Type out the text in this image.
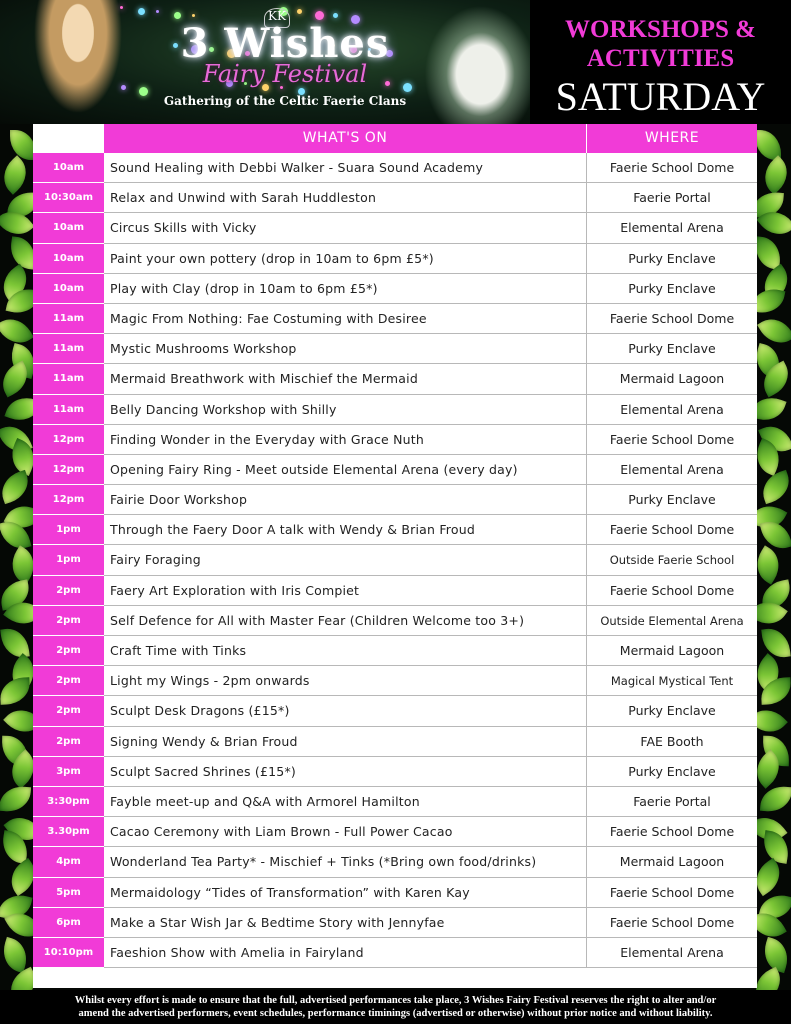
KK
3 Wishes
Fairy Festival
Gathering of the Celtic Faerie Clans
WORKSHOPS &
ACTIVITIES
SATURDAY
WHAT'S ON	WHERE
10am	Sound Healing with Debbi Walker - Suara Sound Academy	Faerie School Dome
10:30am	Relax and Unwind with Sarah Huddleston	Faerie Portal
10am	Circus Skills with Vicky	Elemental Arena
10am	Paint your own pottery (drop in 10am to 6pm £5*)	Purky Enclave
10am	Play with Clay (drop in 10am to 6pm £5*)	Purky Enclave
11am	Magic From Nothing: Fae Costuming with Desiree	Faerie School Dome
11am	Mystic Mushrooms Workshop	Purky Enclave
11am	Mermaid Breathwork with Mischief the Mermaid	Mermaid Lagoon
11am	Belly Dancing Workshop with Shilly	Elemental Arena
12pm	Finding Wonder in the Everyday with Grace Nuth	Faerie School Dome
12pm	Opening Fairy Ring - Meet outside Elemental Arena (every day)	Elemental Arena
12pm	Fairie Door Workshop	Purky Enclave
1pm	Through the Faery Door A talk with Wendy & Brian Froud	Faerie School Dome
1pm	Fairy Foraging	Outside Faerie School
2pm	Faery Art Exploration with Iris Compiet	Faerie School Dome
2pm	Self Defence for All with Master Fear (Children Welcome too 3+)	Outside Elemental Arena
2pm	Craft Time with Tinks	Mermaid Lagoon
2pm	Light my Wings - 2pm onwards	Magical Mystical Tent
2pm	Sculpt Desk Dragons (£15*)	Purky Enclave
2pm	Signing Wendy & Brian Froud	FAE Booth
3pm	Sculpt Sacred Shrines (£15*)	Purky Enclave
3:30pm	Fayble meet-up and Q&A with Armorel Hamilton	Faerie Portal
3.30pm	Cacao Ceremony with Liam Brown - Full Power Cacao	Faerie School Dome
4pm	Wonderland Tea Party* - Mischief + Tinks (*Bring own food/drinks)	Mermaid Lagoon
5pm	Mermaidology “Tides of Transformation” with Karen Kay	Faerie School Dome
6pm	Make a Star Wish Jar & Bedtime Story with Jennyfae	Faerie School Dome
10:10pm	Faeshion Show with Amelia in Fairyland	Elemental Arena
Whilst every effort is made to ensure that the full, advertised performances take place, 3 Wishes Fairy Festival reserves the right to alter and/or
amend the advertised performers, event schedules, performance timinings (advertised or otherwise) without prior notice and without liability.
